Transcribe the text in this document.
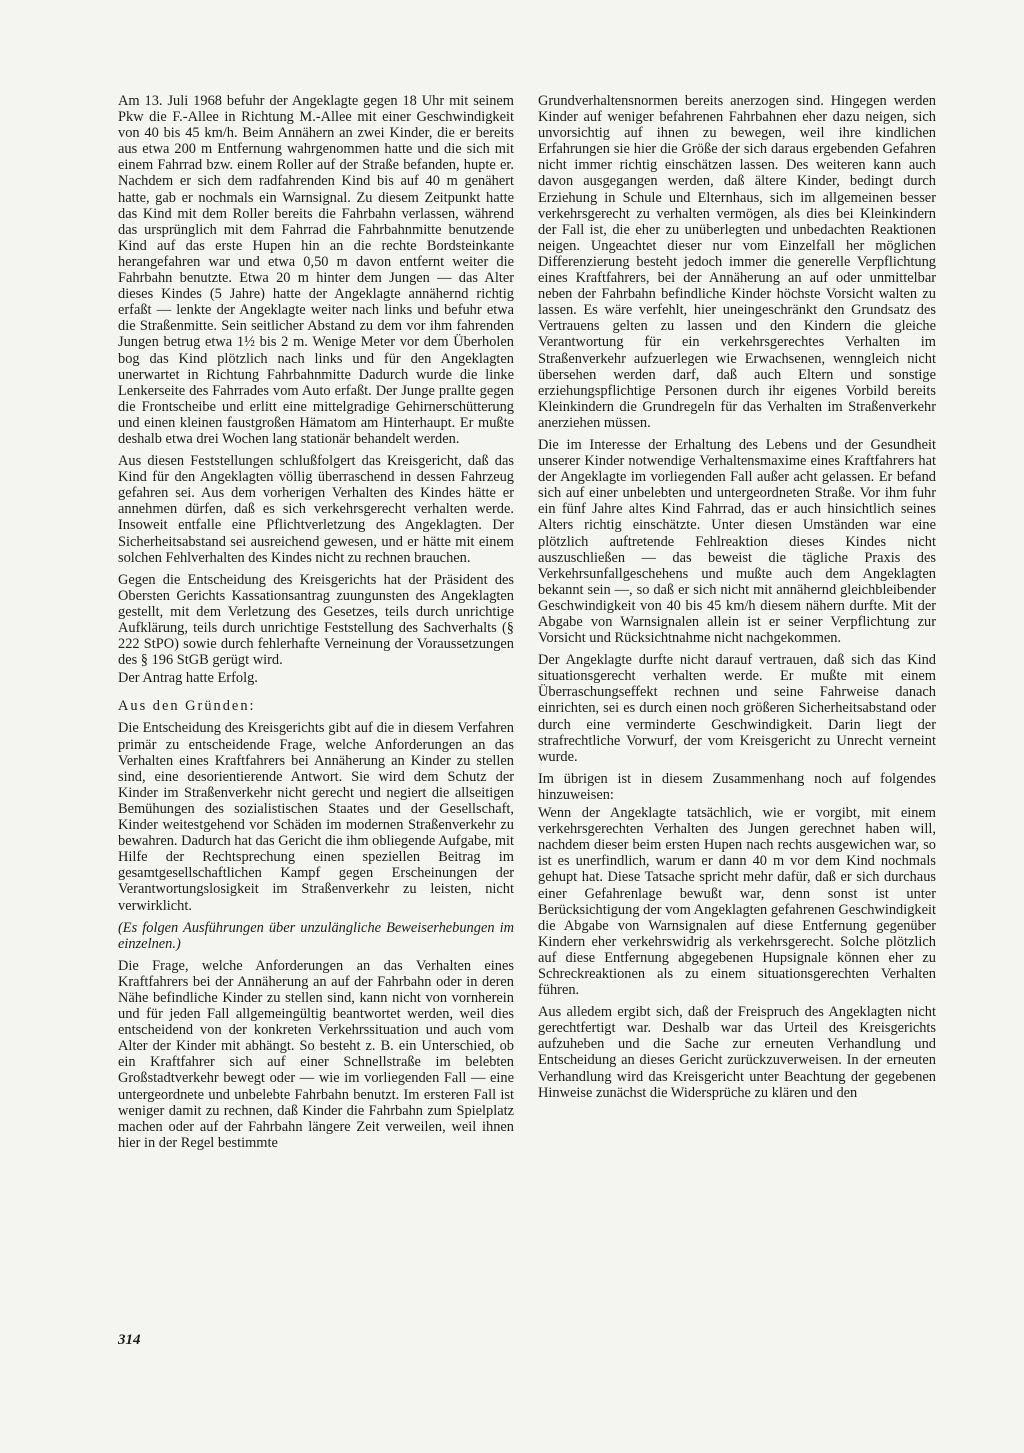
Am 13. Juli 1968 befuhr der Angeklagte gegen 18 Uhr mit seinem Pkw die F.-Allee in Richtung M.-Allee mit einer Geschwindigkeit von 40 bis 45 km/h. Beim Annähern an zwei Kinder, die er bereits aus etwa 200 m Entfernung wahrgenommen hatte und die sich mit einem Fahrrad bzw. einem Roller auf der Straße befanden, hupte er. Nachdem er sich dem radfahrenden Kind bis auf 40 m genähert hatte, gab er nochmals ein Warnsignal. Zu diesem Zeitpunkt hatte das Kind mit dem Roller bereits die Fahrbahn verlassen, während das ursprünglich mit dem Fahrrad die Fahrbahnmitte benutzende Kind auf das erste Hupen hin an die rechte Bordsteinkante herangefahren war und etwa 0,50 m davon entfernt weiter die Fahrbahn benutzte. Etwa 20 m hinter dem Jungen — das Alter dieses Kindes (5 Jahre) hatte der Angeklagte annähernd richtig erfaßt — lenkte der Angeklagte weiter nach links und befuhr etwa die Straßenmitte. Sein seitlicher Abstand zu dem vor ihm fahrenden Jungen betrug etwa 1½ bis 2 m. Wenige Meter vor dem Überholen bog das Kind plötzlich nach links und für den Angeklagten unerwartet in Richtung Fahrbahnmitte Dadurch wurde die linke Lenkerseite des Fahrrades vom Auto erfaßt. Der Junge prallte gegen die Frontscheibe und erlitt eine mittelgradige Gehirnerschütterung und einen kleinen faustgroßen Hämatom am Hinterhaupt. Er mußte deshalb etwa drei Wochen lang stationär behandelt werden.

Aus diesen Feststellungen schlußfolgert das Kreisgericht, daß das Kind für den Angeklagten völlig überraschend in dessen Fahrzeug gefahren sei. Aus dem vorherigen Verhalten des Kindes hätte er annehmen dürfen, daß es sich verkehrsgerecht verhalten werde. Insoweit entfalle eine Pflichtverletzung des Angeklagten. Der Sicherheitsabstand sei ausreichend gewesen, und er hätte mit einem solchen Fehlverhalten des Kindes nicht zu rechnen brauchen.

Gegen die Entscheidung des Kreisgerichts hat der Präsident des Obersten Gerichts Kassationsantrag zuungunsten des Angeklagten gestellt, mit dem Verletzung des Gesetzes, teils durch unrichtige Aufklärung, teils durch unrichtige Feststellung des Sachverhalts (§ 222 StPO) sowie durch fehlerhafte Verneinung der Voraussetzungen des § 196 StGB gerügt wird.

Der Antrag hatte Erfolg.

Aus den Gründen:

Die Entscheidung des Kreisgerichts gibt auf die in diesem Verfahren primär zu entscheidende Frage, welche Anforderungen an das Verhalten eines Kraftfahrers bei Annäherung an Kinder zu stellen sind, eine desorientierende Antwort. Sie wird dem Schutz der Kinder im Straßenverkehr nicht gerecht und negiert die allseitigen Bemühungen des sozialistischen Staates und der Gesellschaft, Kinder weitestgehend vor Schäden im modernen Straßenverkehr zu bewahren. Dadurch hat das Gericht die ihm obliegende Aufgabe, mit Hilfe der Rechtsprechung einen speziellen Beitrag im gesamtgesellschaftlichen Kampf gegen Erscheinungen der Verantwortungslosigkeit im Straßenverkehr zu leisten, nicht verwirklicht.

(Es folgen Ausführungen über unzulängliche Beweiserhebungen im einzelnen.)

Die Frage, welche Anforderungen an das Verhalten eines Kraftfahrers bei der Annäherung an auf der Fahrbahn oder in deren Nähe befindliche Kinder zu stellen sind, kann nicht von vornherein und für jeden Fall allgemeingültig beantwortet werden, weil dies entscheidend von der konkreten Verkehrssituation und auch vom Alter der Kinder mit abhängt. So besteht z. B. ein Unterschied, ob ein Kraftfahrer sich auf einer Schnellstraße im belebten Großstadtverkehr bewegt oder — wie im vorliegenden Fall — eine untergeordnete und unbelebte Fahrbahn benutzt. Im ersteren Fall ist weniger damit zu rechnen, daß Kinder die Fahrbahn zum Spielplatz machen oder auf der Fahrbahn längere Zeit verweilen, weil ihnen hier in der Regel bestimmte

Grundverhaltensnormen bereits anerzogen sind. Hingegen werden Kinder auf weniger befahrenen Fahrbahnen eher dazu neigen, sich unvorsichtig auf ihnen zu bewegen, weil ihre kindlichen Erfahrungen sie hier die Größe der sich daraus ergebenden Gefahren nicht immer richtig einschätzen lassen. Des weiteren kann auch davon ausgegangen werden, daß ältere Kinder, bedingt durch Erziehung in Schule und Elternhaus, sich im allgemeinen besser verkehrsgerecht zu verhalten vermögen, als dies bei Kleinkindern der Fall ist, die eher zu unüberlegten und unbedachten Reaktionen neigen. Ungeachtet dieser nur vom Einzelfall her möglichen Differenzierung besteht jedoch immer die generelle Verpflichtung eines Kraftfahrers, bei der Annäherung an auf oder unmittelbar neben der Fahrbahn befindliche Kinder höchste Vorsicht walten zu lassen. Es wäre verfehlt, hier uneingeschränkt den Grundsatz des Vertrauens gelten zu lassen und den Kindern die gleiche Verantwortung für ein verkehrsgerechtes Verhalten im Straßenverkehr aufzuerlegen wie Erwachsenen, wenngleich nicht übersehen werden darf, daß auch Eltern und sonstige erziehungspflichtige Personen durch ihr eigenes Vorbild bereits Kleinkindern die Grundregeln für das Verhalten im Straßenverkehr anerziehen müssen.

Die im Interesse der Erhaltung des Lebens und der Gesundheit unserer Kinder notwendige Verhaltensmaxime eines Kraftfahrers hat der Angeklagte im vorliegenden Fall außer acht gelassen. Er befand sich auf einer unbelebten und untergeordneten Straße. Vor ihm fuhr ein fünf Jahre altes Kind Fahrrad, das er auch hinsichtlich seines Alters richtig einschätzte. Unter diesen Umständen war eine plötzlich auftretende Fehlreaktion dieses Kindes nicht auszuschließen — das beweist die tägliche Praxis des Verkehrsunfallgeschehens und mußte auch dem Angeklagten bekannt sein —, so daß er sich nicht mit annähernd gleichbleibender Geschwindigkeit von 40 bis 45 km/h diesem nähern durfte. Mit der Abgabe von Warnsignalen allein ist er seiner Verpflichtung zur Vorsicht und Rücksichtnahme nicht nachgekommen.

Der Angeklagte durfte nicht darauf vertrauen, daß sich das Kind situationsgerecht verhalten werde. Er mußte mit einem Überraschungseffekt rechnen und seine Fahrweise danach einrichten, sei es durch einen noch größeren Sicherheitsabstand oder durch eine verminderte Geschwindigkeit. Darin liegt der strafrechtliche Vorwurf, der vom Kreisgericht zu Unrecht verneint wurde.

Im übrigen ist in diesem Zusammenhang noch auf folgendes hinzuweisen:

Wenn der Angeklagte tatsächlich, wie er vorgibt, mit einem verkehrsgerechten Verhalten des Jungen gerechnet haben will, nachdem dieser beim ersten Hupen nach rechts ausgewichen war, so ist es unerfindlich, warum er dann 40 m vor dem Kind nochmals gehupt hat. Diese Tatsache spricht mehr dafür, daß er sich durchaus einer Gefahrenlage bewußt war, denn sonst ist unter Berücksichtigung der vom Angeklagten gefahrenen Geschwindigkeit die Abgabe von Warnsignalen auf diese Entfernung gegenüber Kindern eher verkehrswidrig als verkehrsgerecht. Solche plötzlich auf diese Entfernung abgegebenen Hupsignale können eher zu Schreckreaktionen als zu einem situationsgerechten Verhalten führen.

Aus alledem ergibt sich, daß der Freispruch des Angeklagten nicht gerechtfertigt war. Deshalb war das Urteil des Kreisgerichts aufzuheben und die Sache zur erneuten Verhandlung und Entscheidung an dieses Gericht zurückzuverweisen. In der erneuten Verhandlung wird das Kreisgericht unter Beachtung der gegebenen Hinweise zunächst die Widersprüche zu klären und den

314
